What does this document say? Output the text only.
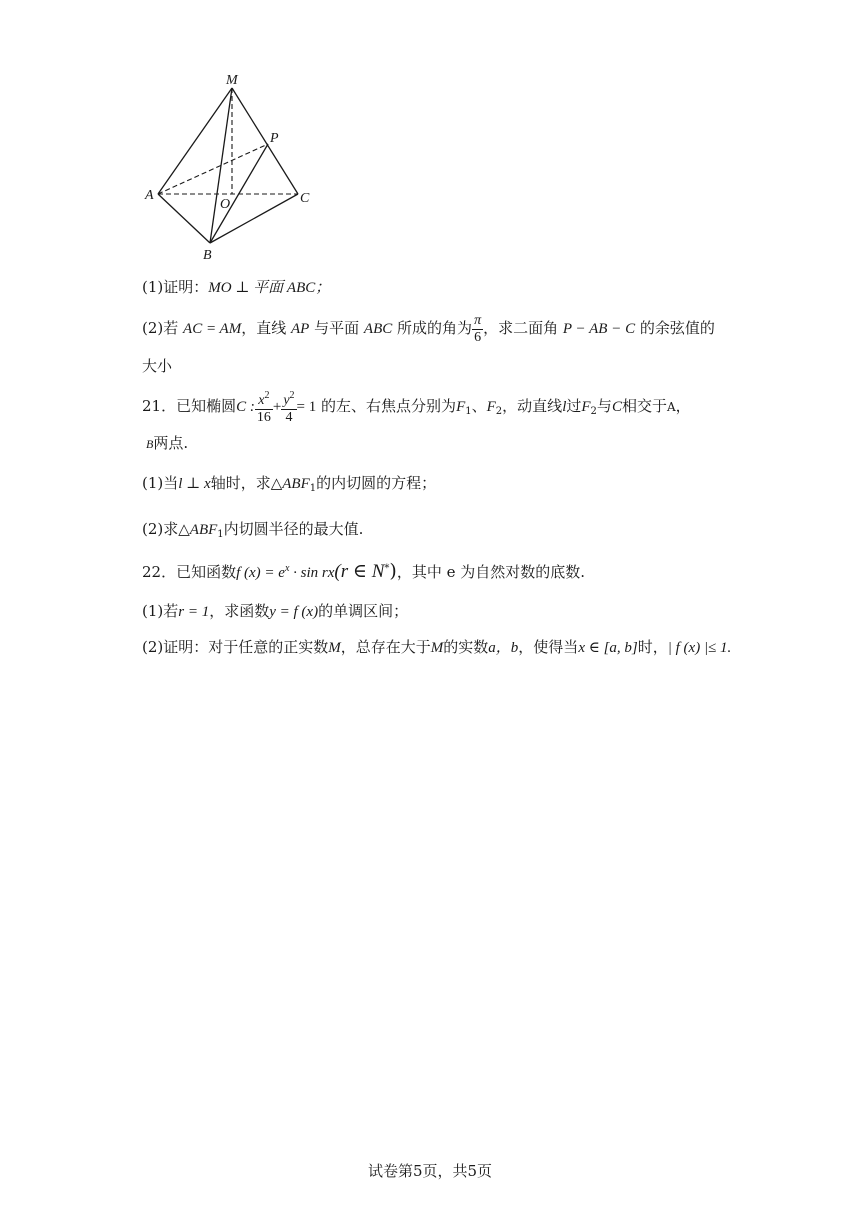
M
P
A
O	C
B
(1)证明：MO ⊥ 平面 ABC；
(2)若 AC = AM，直线 AP 与平面 ABC 所成的角为 $\frac{\pi}{6}$ ，求二面角 P − AB − C 的余弦值的
大小
21．已知椭圆C : $\frac{x^2}{16} + \frac{y^2}{4} = 1$ 的左、右焦点分别为$F_1$、$F_2$，动直线l过$F_2$与C相交于A，
B两点.
(1)当l ⊥ x轴时，求$\triangle ABF_1$的内切圆的方程；
(2)求$\triangle ABF_1$内切圆半径的最大值.
22．已知函数f $(x) = e^x \cdot \sin rx(r$ ∈ N*)，其中 e 为自然对数的底数.
(1)若r = 1，求函数y = f (x)的单调区间；
(2)证明：对于任意的正实数M，总存在大于M的实数a，b，使得当x ∈ [a, b]时，| f (x) |≤ 1.
试卷第5页，共5页
